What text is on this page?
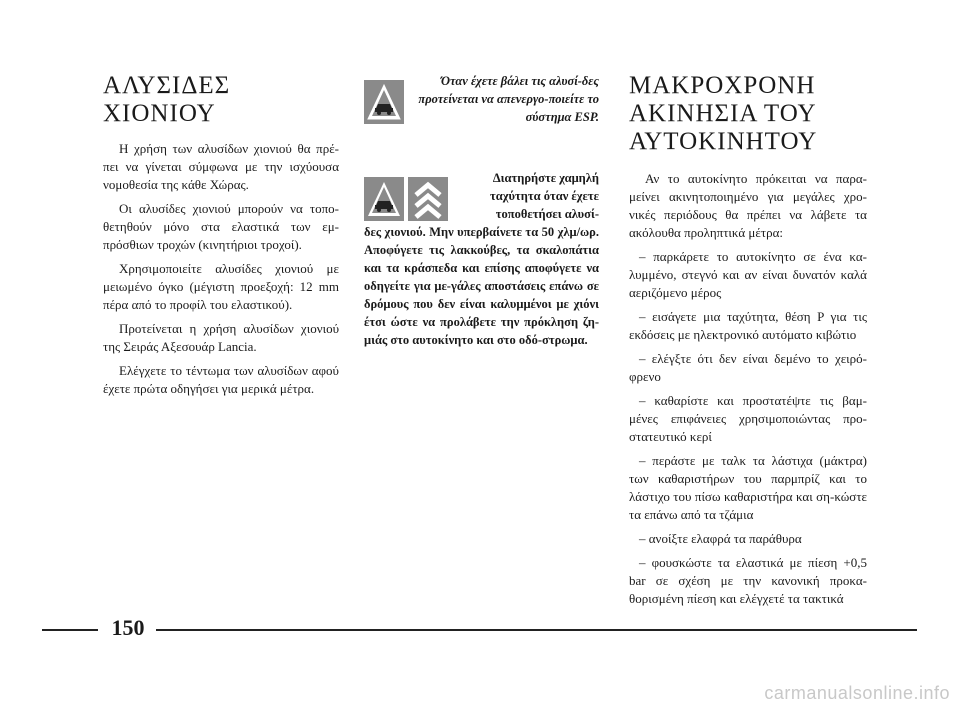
ΑΛΥΣΙΔΕΣ
ΧΙΟΝΙΟΥ

Η χρήση των αλυσίδων χιονιού θα πρέ-πει να γίνεται σύμφωνα με την ισχύουσα νομοθεσία της κάθε Χώρας.

Οι αλυσίδες χιονιού μπορούν να τοπο-θετηθούν μόνο στα ελαστικά των εμ-πρόσθιων τροχών (κινητήριοι τροχοί).

Χρησιμοποιείτε αλυσίδες χιονιού με μειωμένο όγκο (μέγιστη προεξοχή: 12 mm πέρα από το προφίλ του ελαστικού).

Προτείνεται η χρήση αλυσίδων χιονιού της Σειράς Αξεσουάρ Lancia.

Ελέγχετε το τέντωμα των αλυσίδων αφού έχετε πρώτα οδηγήσει για μερικά μέτρα.

Όταν έχετε βάλει τις αλυσί-δες προτείνεται να απενεργο-ποιείτε το σύστημα ESP.
Διατηρήστε χαμηλή ταχύτητα όταν έχετε τοποθετήσει αλυσί-
δες χιονιού. Μην υπερβαίνετε τα 50 χλμ/ωρ. Αποφύγετε τις λακκούβες, τα σκαλοπάτια και τα κράσπεδα και επίσης αποφύγετε να οδηγείτε για με-γάλες αποστάσεις επάνω σε δρόμους που δεν είναι καλυμμένοι με χιόνι έτσι ώστε να προλάβετε την πρόκληση ζη-μιάς στο αυτοκίνητο και στο οδό-στρωμα.
ΜΑΚΡΟΧΡΟΝΗ
ΑΚΙΝΗΣΙΑ ΤΟΥ
ΑΥΤΟΚΙΝΗΤΟΥ

Αν το αυτοκίνητο πρόκειται να παρα-μείνει ακινητοποιημένο για μεγάλες χρο-νικές περιόδους θα πρέπει να λάβετε τα ακόλουθα προληπτικά μέτρα:

– παρκάρετε το αυτοκίνητο σε ένα κα-λυμμένο, στεγνό και αν είναι δυνατόν καλά αεριζόμενο μέρος

– εισάγετε μια ταχύτητα, θέση P για τις εκδόσεις με ηλεκτρονικό αυτόματο κιβώτιο

– ελέγξτε ότι δεν είναι δεμένο το χειρό-φρενο

– καθαρίστε και προστατέψτε τις βαμ-μένες επιφάνειες χρησιμοποιώντας προ-στατευτικό κερί

– περάστε με ταλκ τα λάστιχα (μάκτρα) των καθαριστήρων του παρμπρίζ και το λάστιχο του πίσω καθαριστήρα και ση-κώστε τα επάνω από τα τζάμια

– ανοίξτε ελαφρά τα παράθυρα

– φουσκώστε τα ελαστικά με πίεση +0,5 bar σε σχέση με την κανονική προκα-θορισμένη πίεση και ελέγχετέ τα τακτικά

150
carmanualsonline.info
